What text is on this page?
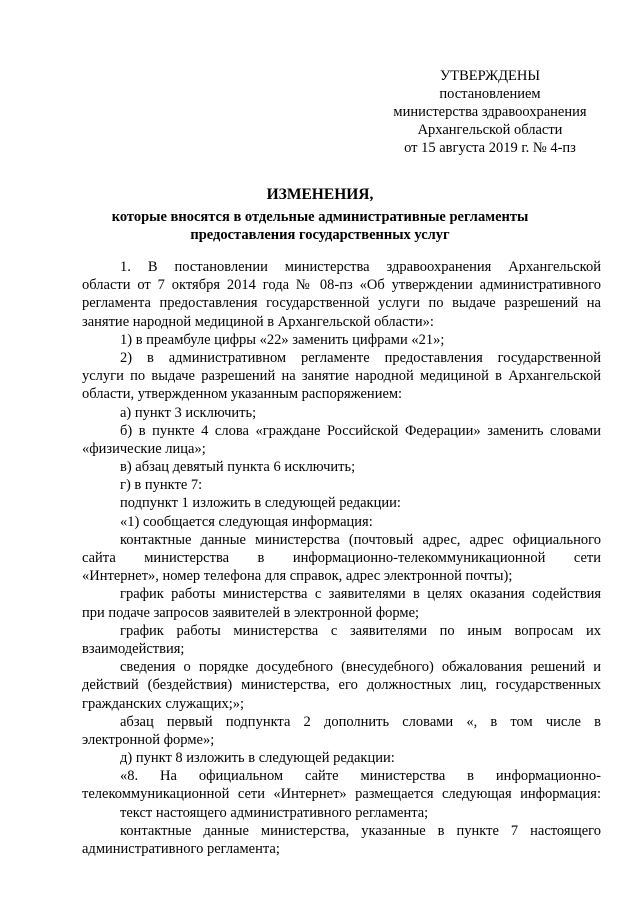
УТВЕРЖДЕНЫ
постановлением
министерства здравоохранения
Архангельской области
от 15 августа 2019 г. № 4-пз
ИЗМЕНЕНИЯ,
которые вносятся в отдельные административные регламенты
предоставления государственных услуг
1. В постановлении министерства здравоохранения Архангельской
области от 7 октября 2014 года № 08-пз «Об утверждении административного
регламента предоставления государственной услуги по выдаче разрешений на
занятие народной медициной в Архангельской области»:
1) в преамбуле цифры «22» заменить цифрами «21»;
2) в административном регламенте предоставления государственной
услуги по выдаче разрешений на занятие народной медициной в Архангельской
области, утвержденном указанным распоряжением:
а) пункт 3 исключить;
б) в пункте 4 слова «граждане Российской Федерации» заменить словами
«физические лица»;
в) абзац девятый пункта 6 исключить;
г) в пункте 7:
подпункт 1 изложить в следующей редакции:
«1) сообщается следующая информация:
контактные данные министерства (почтовый адрес, адрес официального
сайта министерства в информационно-телекоммуникационной сети
«Интернет», номер телефона для справок, адрес электронной почты);
график работы министерства с заявителями в целях оказания содействия
при подаче запросов заявителей в электронной форме;
график работы министерства с заявителями по иным вопросам их
взаимодействия;
сведения о порядке досудебного (внесудебного) обжалования решений и
действий (бездействия) министерства, его должностных лиц, государственных
гражданских служащих;»;
абзац первый подпункта 2 дополнить словами «, в том числе в
электронной форме»;
д) пункт 8 изложить в следующей редакции:
«8. На официальном сайте министерства в информационно-
телекоммуникационной сети «Интернет» размещается следующая информация:
текст настоящего административного регламента;
контактные данные министерства, указанные в пункте 7 настоящего
административного регламента;
